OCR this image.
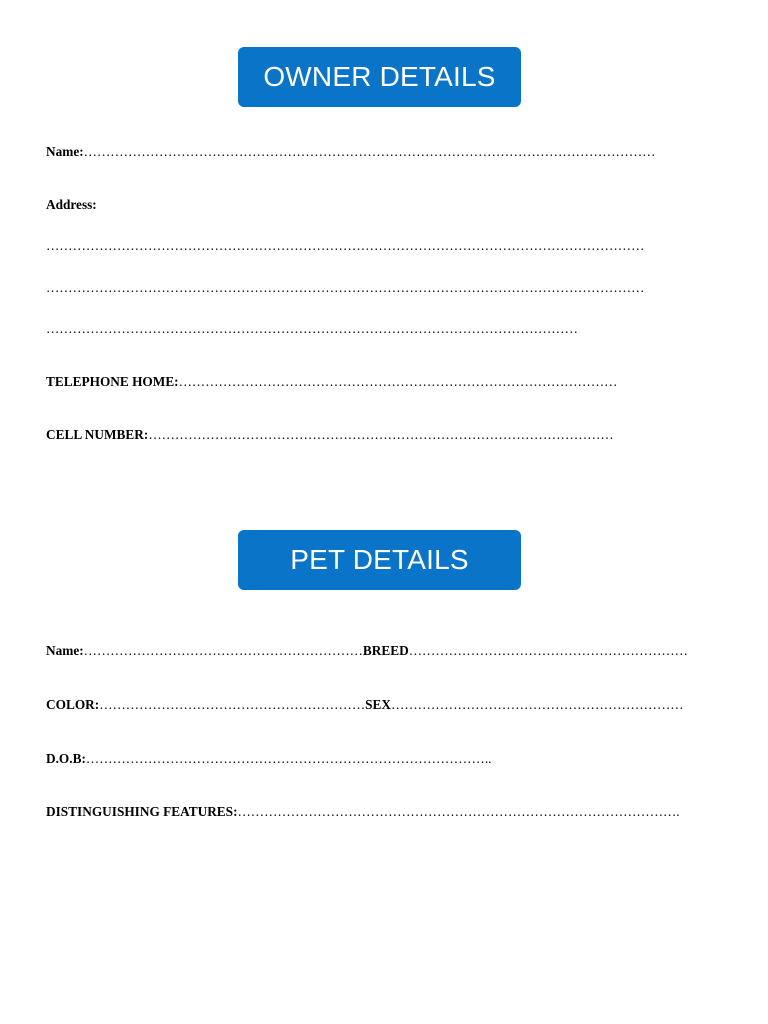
OWNER DETAILS
Name:…………………………………………………………………………………………………………………
Address:
………………………………………………………………………………………………………………………
………………………………………………………………………………………………………………………
…………………………………………………………………………………………………………
TELEPHONE HOME:………………………………………………………………………………………
CELL NUMBER:……………………………………………………………………………………………
PET DETAILS
Name:………………………………………………………BREED………………………………………………………
COLOR:……………………………………………………SEX…………………………………………………………
D.O.B:………………………………………………………………………………..
DISTINGUISHING FEATURES:……………………………………………………………………………………….
